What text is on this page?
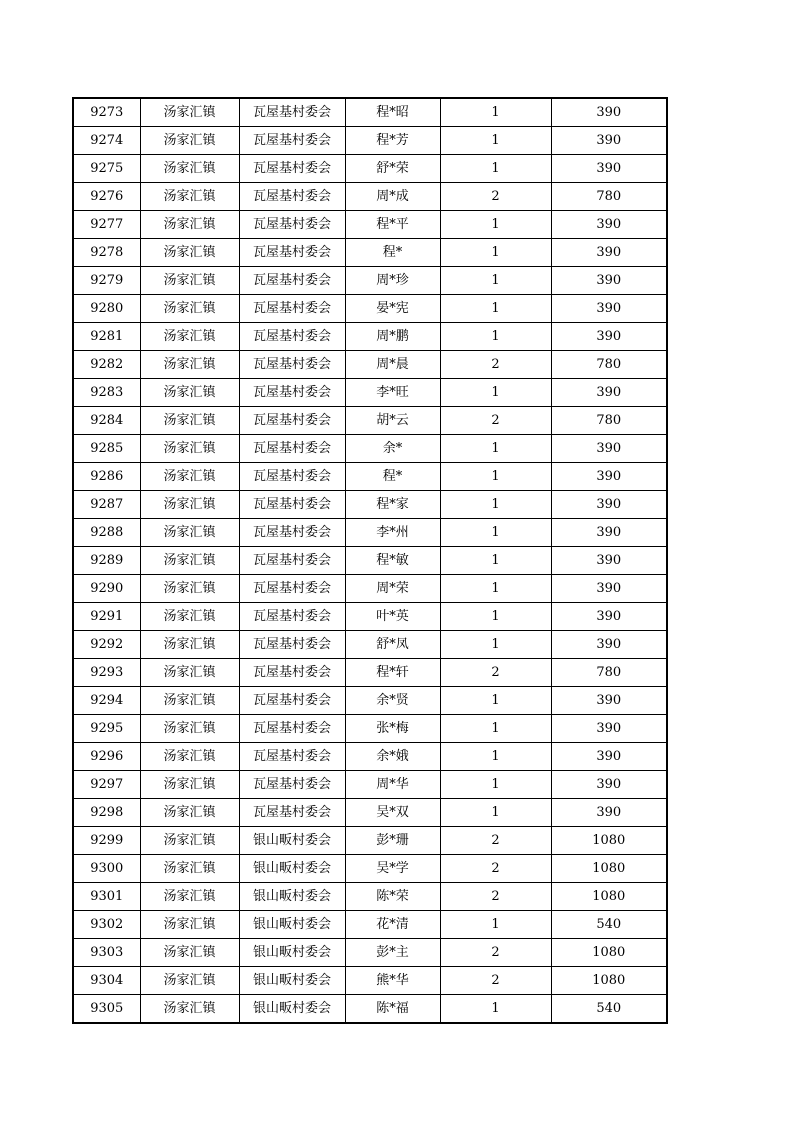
9273	汤家汇镇	瓦屋基村委会	程*昭	1	390
9274	汤家汇镇	瓦屋基村委会	程*芳	1	390
9275	汤家汇镇	瓦屋基村委会	舒*荣	1	390
9276	汤家汇镇	瓦屋基村委会	周*成	2	780
9277	汤家汇镇	瓦屋基村委会	程*平	1	390
9278	汤家汇镇	瓦屋基村委会	程*	1	390
9279	汤家汇镇	瓦屋基村委会	周*珍	1	390
9280	汤家汇镇	瓦屋基村委会	晏*宪	1	390
9281	汤家汇镇	瓦屋基村委会	周*鹏	1	390
9282	汤家汇镇	瓦屋基村委会	周*晨	2	780
9283	汤家汇镇	瓦屋基村委会	李*旺	1	390
9284	汤家汇镇	瓦屋基村委会	胡*云	2	780
9285	汤家汇镇	瓦屋基村委会	余*	1	390
9286	汤家汇镇	瓦屋基村委会	程*	1	390
9287	汤家汇镇	瓦屋基村委会	程*家	1	390
9288	汤家汇镇	瓦屋基村委会	李*州	1	390
9289	汤家汇镇	瓦屋基村委会	程*敏	1	390
9290	汤家汇镇	瓦屋基村委会	周*荣	1	390
9291	汤家汇镇	瓦屋基村委会	叶*英	1	390
9292	汤家汇镇	瓦屋基村委会	舒*凤	1	390
9293	汤家汇镇	瓦屋基村委会	程*轩	2	780
9294	汤家汇镇	瓦屋基村委会	余*贤	1	390
9295	汤家汇镇	瓦屋基村委会	张*梅	1	390
9296	汤家汇镇	瓦屋基村委会	余*娥	1	390
9297	汤家汇镇	瓦屋基村委会	周*华	1	390
9298	汤家汇镇	瓦屋基村委会	吴*双	1	390
9299	汤家汇镇	银山畈村委会	彭*珊	2	1080
9300	汤家汇镇	银山畈村委会	吴*学	2	1080
9301	汤家汇镇	银山畈村委会	陈*荣	2	1080
9302	汤家汇镇	银山畈村委会	花*清	1	540
9303	汤家汇镇	银山畈村委会	彭*主	2	1080
9304	汤家汇镇	银山畈村委会	熊*华	2	1080
9305	汤家汇镇	银山畈村委会	陈*福	1	540
